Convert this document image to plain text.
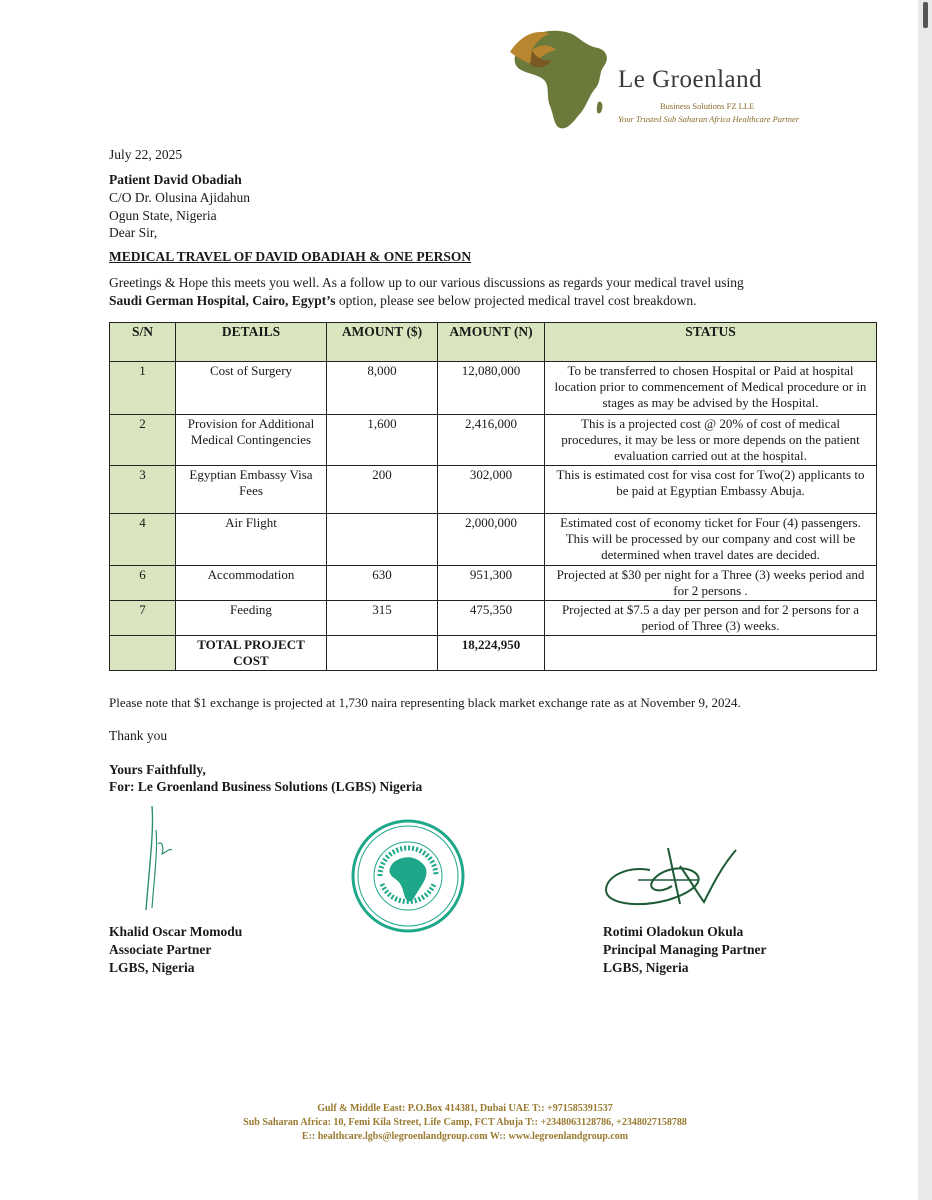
Le Groenland
Business Solutions FZ LLE
Your Trusted Sub Saharan Africa Healthcare Partner
July 22, 2025
Patient David Obadiah
C/O Dr. Olusina Ajidahun
Ogun State, Nigeria
Dear Sir,
MEDICAL TRAVEL OF DAVID OBADIAH & ONE PERSON
Greetings & Hope this meets you well. As a follow up to our various discussions as regards your medical travel using
Saudi German Hospital, Cairo, Egypt’s option, please see below projected medical travel cost breakdown.
S/N	DETAILS	AMOUNT ($)	AMOUNT (N)	STATUS
1	Cost of Surgery	8,000	12,080,000	To be transferred to chosen Hospital or Paid at hospital location prior to commencement of Medical procedure or in stages as may be advised by the Hospital.
2	Provision for Additional Medical Contingencies	1,600	2,416,000	This is a projected cost @ 20% of cost of medical procedures, it may be less or more depends on the patient evaluation carried out at the hospital.
3	Egyptian Embassy Visa Fees	200	302,000	This is estimated cost for visa cost for Two(2) applicants to be paid at Egyptian Embassy Abuja.
4	Air Flight		2,000,000	Estimated cost of economy ticket for Four (4) passengers. This will be processed by our company and cost will be determined when travel dates are decided.
6	Accommodation	630	951,300	Projected at $30 per night for a Three (3) weeks period and for 2 persons .
7	Feeding	315	475,350	Projected at $7.5 a day per person and for 2 persons for a period of Three (3) weeks.
	TOTAL PROJECT COST		18,224,950	
Please note that $1 exchange is projected at 1,730 naira representing black market exchange rate as at November 9, 2024.
Thank you
Yours Faithfully,
For: Le Groenland Business Solutions (LGBS) Nigeria
Khalid Oscar Momodu
Associate Partner
LGBS, Nigeria
Rotimi Oladokun Okula
Principal Managing Partner
LGBS, Nigeria
Gulf & Middle East: P.O.Box 414381, Dubai UAE T:: +971585391537
Sub Saharan Africa: 10, Femi Kila Street, Life Camp, FCT Abuja T:: +2348063128786, +2348027158788
E:: healthcare.lgbs@legroenlandgroup.com W:: www.legroenlandgroup.com
